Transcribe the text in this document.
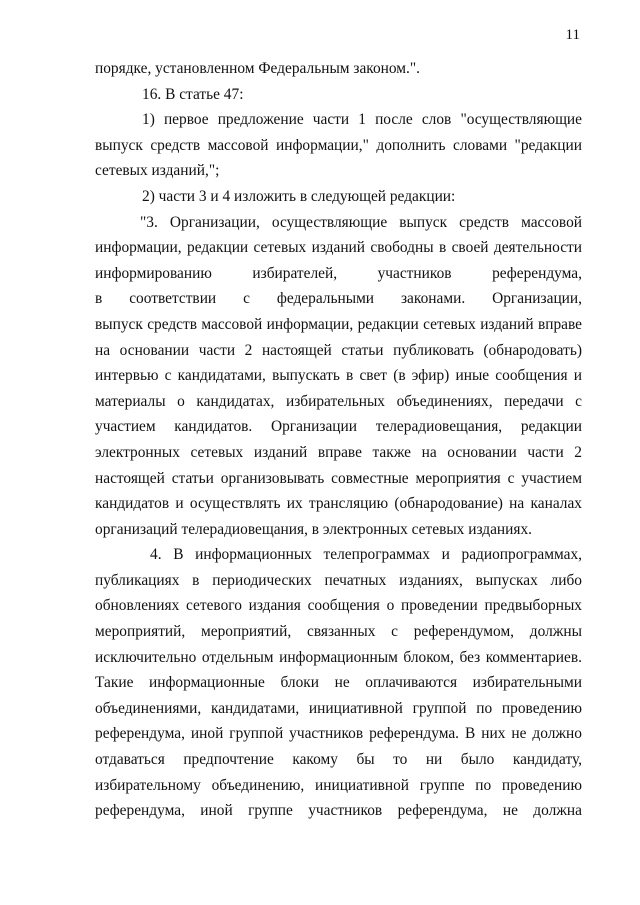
11
порядке, установленном Федеральным законом.".
16. В статье 47:
1) первое предложение части 1 после слов "осуществляющие
выпуск средств массовой информации," дополнить словами "редакции
сетевых изданий,";
2) части 3 и 4 изложить в следующей редакции:
"3. Организации, осуществляющие выпуск средств массовой
информации, редакции сетевых изданий свободны в своей деятельности
информированию избирателей, участников референдума,
в соответствии с федеральными законами. Организации,
выпуск средств массовой информации, редакции сетевых изданий вправе
на основании части 2 настоящей статьи публиковать (обнародовать)
интервью с кандидатами, выпускать в свет (в эфир) иные сообщения и
материалы о кандидатах, избирательных объединениях, передачи с
участием кандидатов. Организации телерадиовещания, редакции
электронных сетевых изданий вправе также на основании части 2
настоящей статьи организовывать совместные мероприятия с участием
кандидатов и осуществлять их трансляцию (обнародование) на каналах
организаций телерадиовещания, в электронных сетевых изданиях.
4. В информационных телепрограммах и радиопрограммах,
публикациях в периодических печатных изданиях, выпусках либо
обновлениях сетевого издания сообщения о проведении предвыборных
мероприятий, мероприятий, связанных с референдумом, должны
исключительно отдельным информационным блоком, без комментариев.
Такие информационные блоки не оплачиваются избирательными
объединениями, кандидатами, инициативной группой по проведению
референдума, иной группой участников референдума. В них не должно
отдаваться предпочтение какому бы то ни было кандидату,
избирательному объединению, инициативной группе по проведению
референдума, иной группе участников референдума, не должна
